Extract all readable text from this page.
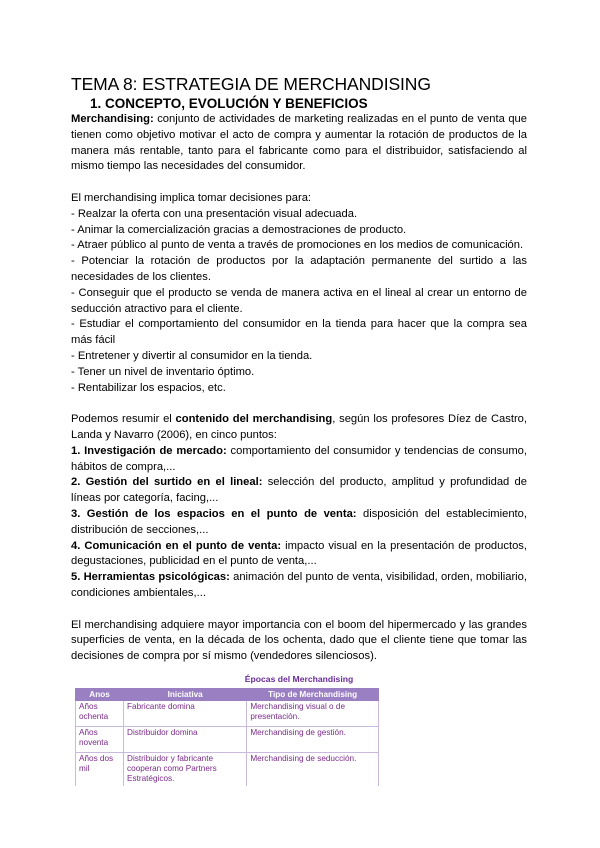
TEMA 8: ESTRATEGIA DE MERCHANDISING
1. CONCEPTO, EVOLUCIÓN Y BENEFICIOS

Merchandising: conjunto de actividades de marketing realizadas en el punto de venta que tienen como objetivo motivar el acto de compra y aumentar la rotación de productos de la manera más rentable, tanto para el fabricante como para el distribuidor, satisfaciendo al mismo tiempo las necesidades del consumidor.

El merchandising implica tomar decisiones para:

- Realzar la oferta con una presentación visual adecuada.

- Animar la comercialización gracias a demostraciones de producto.

- Atraer público al punto de venta a través de promociones en los medios de comunicación.

- Potenciar la rotación de productos por la adaptación permanente del surtido a las necesidades de los clientes.

- Conseguir que el producto se venda de manera activa en el lineal al crear un entorno de seducción atractivo para el cliente.

- Estudiar el comportamiento del consumidor en la tienda para hacer que la compra sea más fácil

- Entretener y divertir al consumidor en la tienda.

- Tener un nivel de inventario óptimo.

- Rentabilizar los espacios, etc.

Podemos resumir el contenido del merchandising, según los profesores Díez de Castro, Landa y Navarro (2006), en cinco puntos:

1. Investigación de mercado: comportamiento del consumidor y tendencias de consumo, hábitos de compra,...

2. Gestión del surtido en el lineal: selección del producto, amplitud y profundidad de líneas por categoría, facing,...

3. Gestión de los espacios en el punto de venta: disposición del establecimiento, distribución de secciones,...

4. Comunicación en el punto de venta: impacto visual en la presentación de productos, degustaciones, publicidad en el punto de venta,...

5. Herramientas psicológicas: animación del punto de venta, visibilidad, orden, mobiliario, condiciones ambientales,...

El merchandising adquiere mayor importancia con el boom del hipermercado y las grandes superficies de venta, en la década de los ochenta, dado que el cliente tiene que tomar las decisiones de compra por sí mismo (vendedores silenciosos).

Épocas del Merchandising
Anos	Iniciativa	Tipo de Merchandising
Años ochenta	Fabricante domina	Merchandising visual o de presentación.
Años noventa	Distribuidor domina	Merchandising de gestión.
Años dos mil	Distribuidor y fabricante cooperan como Partners Estratégicos.	Merchandising de seducción.
